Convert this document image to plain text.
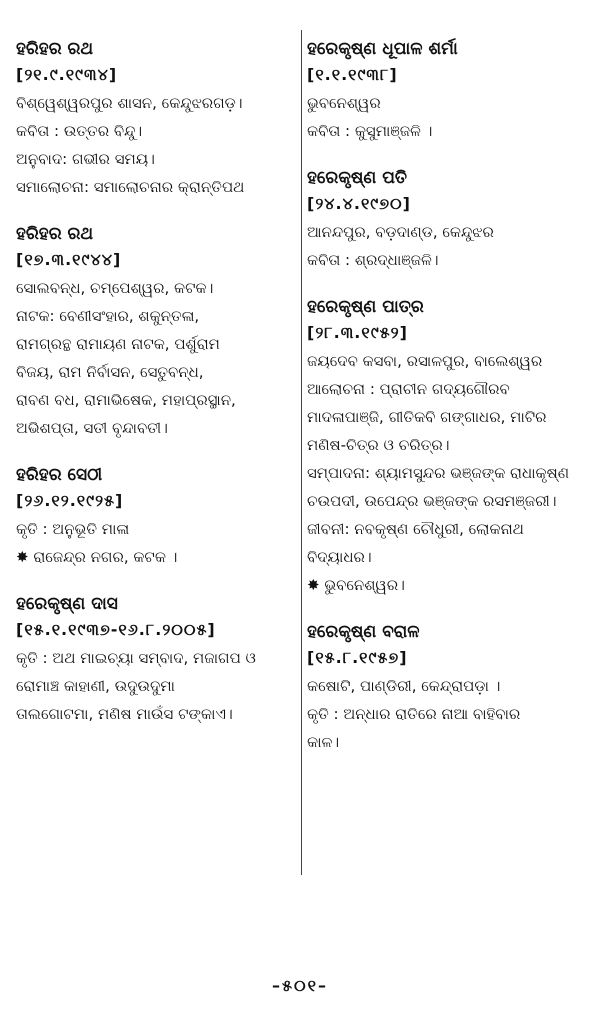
ହରିହର ରଥ
[୨୧.୯.୧୯୩୪]
ବିଶ୍ୱେଶ୍ୱରପୁର ଶାସନ, କେନ୍ଦୁଝରଗଡ଼।
କବିତା : ଉତ୍ତର ବିନ୍ଦୁ।
ଅନୁବାଦ: ଗଭୀର ସମୟ।
ସମାଲୋଚନା: ସମାଲୋଚନାର କ୍ରାନ୍ତିପଥ
ହରିହର ରଥ
[୧୭.୩.୧୯୪୪]
ସୋଲବନ୍ଧ, ଚମ୍ପେଶ୍ୱର, କଟକ।
ନାଟକ: ବେଣୀସଂହାର, ଶକୁନ୍ତଳା,
ରାମଗ୍ରନ୍ଥ ରାମାୟଣ ନାଟକ, ପର୍ଶୁରାମ
ବିଜୟ, ରାମ ନିର୍ବାସନ, ସେତୁବନ୍ଧ,
ରାବଣ ବଧ, ରାମାଭିଷେକ, ମହାପ୍ରସ୍ଥାନ,
ଅଭିଶପ୍ତା, ସତୀ ବୃନ୍ଦାବତୀ।
ହରିହର ସେଠୀ
[୨୬.୧୨.୧୯୨୫]
କୃତି : ଅନୁଭୂତି ମାଳା
✸ ରାଜେନ୍ଦ୍ର ନଗର, କଟକ ।
ହରେକୃଷ୍ଣ ଦାସ
[୧୫.୧.୧୯୩୭-୧୬.୮.୨୦୦୫]
କୃତି : ଅଥ ମାଇଚ୍ୟା ସମ୍ବାଦ, ମଜାଗପ ଓ
ରୋମାଞ୍ଚ କାହାଣୀ, ଉଦୁଉଦୁମା
ତାଲଗୋଟମା, ମଣିଷ ମାଉଁସ ଟଙ୍କାଏ।
ହରେକୃଷ୍ଣ ଧୂପାଳ ଶର୍ମା
[୧.୧.୧୯୩୮]
ଭୁବନେଶ୍ୱର
କବିତା : କୁସୁମାଞ୍ଜଳି ।
ହରେକୃଷ୍ଣ ପତି
[୨୪.୪.୧୯୭୦]
ଆନନ୍ଦପୁର, ବଡ଼ଦାଣ୍ଡ, କେନ୍ଦୁଝର
କବିତା : ଶ୍ରଦ୍ଧାଞ୍ଜଳି।
ହରେକୃଷ୍ଣ ପାତ୍ର
[୨୮.୩.୧୯୫୨]
ଜୟଦେବ କସବା, ରସାଳପୁର, ବାଲେଶ୍ୱର
ଆଲୋଚନା : ପ୍ରାଚୀନ ଗଦ୍ୟଗୌରବ
ମାଦଳାପାଞ୍ଜି, ଗୀତିକବି ଗଙ୍ଗାଧର, ମାଟିର
ମଣିଷ-ଚିତ୍ର ଓ ଚରିତ୍ର।
ସମ୍ପାଦନା: ଶ୍ୟାମସୁନ୍ଦର ଭଞ୍ଜଙ୍କ ରାଧାକୃଷ୍ଣ
ଚଉପଦୀ, ଉପେନ୍ଦ୍ର ଭଞ୍ଜଙ୍କ ରସମଞ୍ଜରୀ।
ଜୀବନୀ: ନବକୃଷ୍ଣ ଚୌଧୁରୀ, ଲୋକନାଥ
ବିଦ୍ୟାଧର।
✸ ଭୁବନେଶ୍ୱର।
ହରେକୃଷ୍ଣ ବରାଳ
[୧୫.୮.୧୯୫୭]
କଷୋଟି, ପାଣ୍ଡିରୀ, କେନ୍ଦ୍ରାପଡ଼ା ।
କୃତି : ଅନ୍ଧାର ରାତିରେ ନାଆ ବାହିବାର
କାଳ।
–୫୦୧–
